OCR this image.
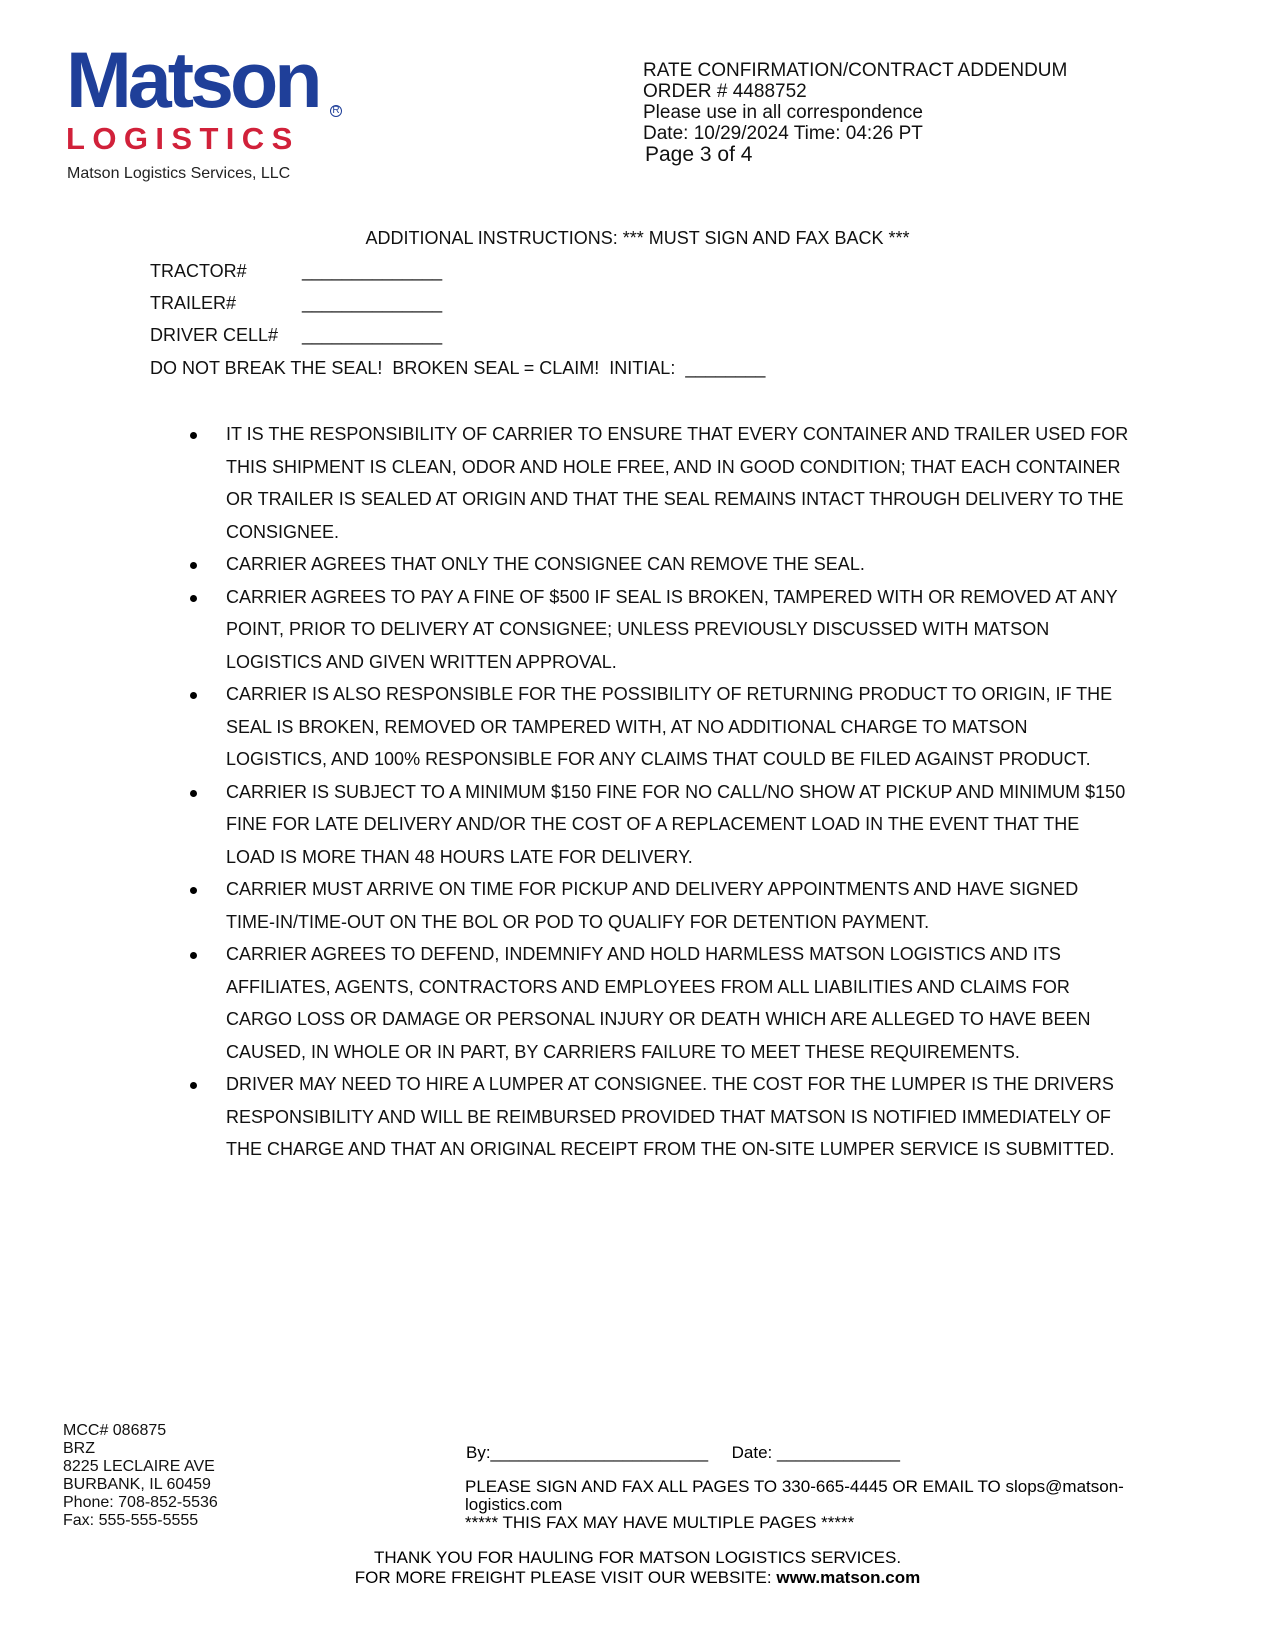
Matson R
LOGISTICS
Matson Logistics Services, LLC
RATE CONFIRMATION/CONTRACT ADDENDUM
ORDER # 4488752
Please use in all correspondence
Date: 10/29/2024 Time: 04:26 PT
Page 3 of 4
ADDITIONAL INSTRUCTIONS: *** MUST SIGN AND FAX BACK ***
TRACTOR#	______________
TRAILER#	______________
DRIVER CELL# ______________
DO NOT BREAK THE SEAL!  BROKEN SEAL = CLAIM!  INITIAL:  ________
IT IS THE RESPONSIBILITY OF CARRIER TO ENSURE THAT EVERY CONTAINER AND TRAILER USED FOR THIS SHIPMENT IS CLEAN, ODOR AND HOLE FREE, AND IN GOOD CONDITION; THAT EACH CONTAINER OR TRAILER IS SEALED AT ORIGIN AND THAT THE SEAL REMAINS INTACT THROUGH DELIVERY TO THE CONSIGNEE.
CARRIER AGREES THAT ONLY THE CONSIGNEE CAN REMOVE THE SEAL.
CARRIER AGREES TO PAY A FINE OF $500 IF SEAL IS BROKEN, TAMPERED WITH OR REMOVED AT ANY POINT, PRIOR TO DELIVERY AT CONSIGNEE; UNLESS PREVIOUSLY DISCUSSED WITH MATSON LOGISTICS AND GIVEN WRITTEN APPROVAL.
CARRIER IS ALSO RESPONSIBLE FOR THE POSSIBILITY OF RETURNING PRODUCT TO ORIGIN, IF THE SEAL IS BROKEN, REMOVED OR TAMPERED WITH, AT NO ADDITIONAL CHARGE TO MATSON LOGISTICS, AND 100% RESPONSIBLE FOR ANY CLAIMS THAT COULD BE FILED AGAINST PRODUCT.
CARRIER IS SUBJECT TO A MINIMUM $150 FINE FOR NO CALL/NO SHOW AT PICKUP AND MINIMUM $150 FINE FOR LATE DELIVERY AND/OR THE COST OF A REPLACEMENT LOAD IN THE EVENT THAT THE LOAD IS MORE THAN 48 HOURS LATE FOR DELIVERY.
CARRIER MUST ARRIVE ON TIME FOR PICKUP AND DELIVERY APPOINTMENTS AND HAVE SIGNED TIME-IN/TIME-OUT ON THE BOL OR POD TO QUALIFY FOR DETENTION PAYMENT.
CARRIER AGREES TO DEFEND, INDEMNIFY AND HOLD HARMLESS MATSON LOGISTICS AND ITS AFFILIATES, AGENTS, CONTRACTORS AND EMPLOYEES FROM ALL LIABILITIES AND CLAIMS FOR CARGO LOSS OR DAMAGE OR PERSONAL INJURY OR DEATH WHICH ARE ALLEGED TO HAVE BEEN CAUSED, IN WHOLE OR IN PART, BY CARRIERS FAILURE TO MEET THESE REQUIREMENTS.
DRIVER MAY NEED TO HIRE A LUMPER AT CONSIGNEE. THE COST FOR THE LUMPER IS THE DRIVERS RESPONSIBILITY AND WILL BE REIMBURSED PROVIDED THAT MATSON IS NOTIFIED IMMEDIATELY OF THE CHARGE AND THAT AN ORIGINAL RECEIPT FROM THE ON-SITE LUMPER SERVICE IS SUBMITTED.
MCC# 086875
BRZ
8225 LECLAIRE AVE
BURBANK, IL 60459
Phone: 708-852-5536
Fax: 555-555-5555
By:_______________________     Date: _____________
PLEASE SIGN AND FAX ALL PAGES TO 330-665-4445 OR EMAIL TO slops@matson-logistics.com
***** THIS FAX MAY HAVE MULTIPLE PAGES *****
THANK YOU FOR HAULING FOR MATSON LOGISTICS SERVICES.
FOR MORE FREIGHT PLEASE VISIT OUR WEBSITE: www.matson.com
